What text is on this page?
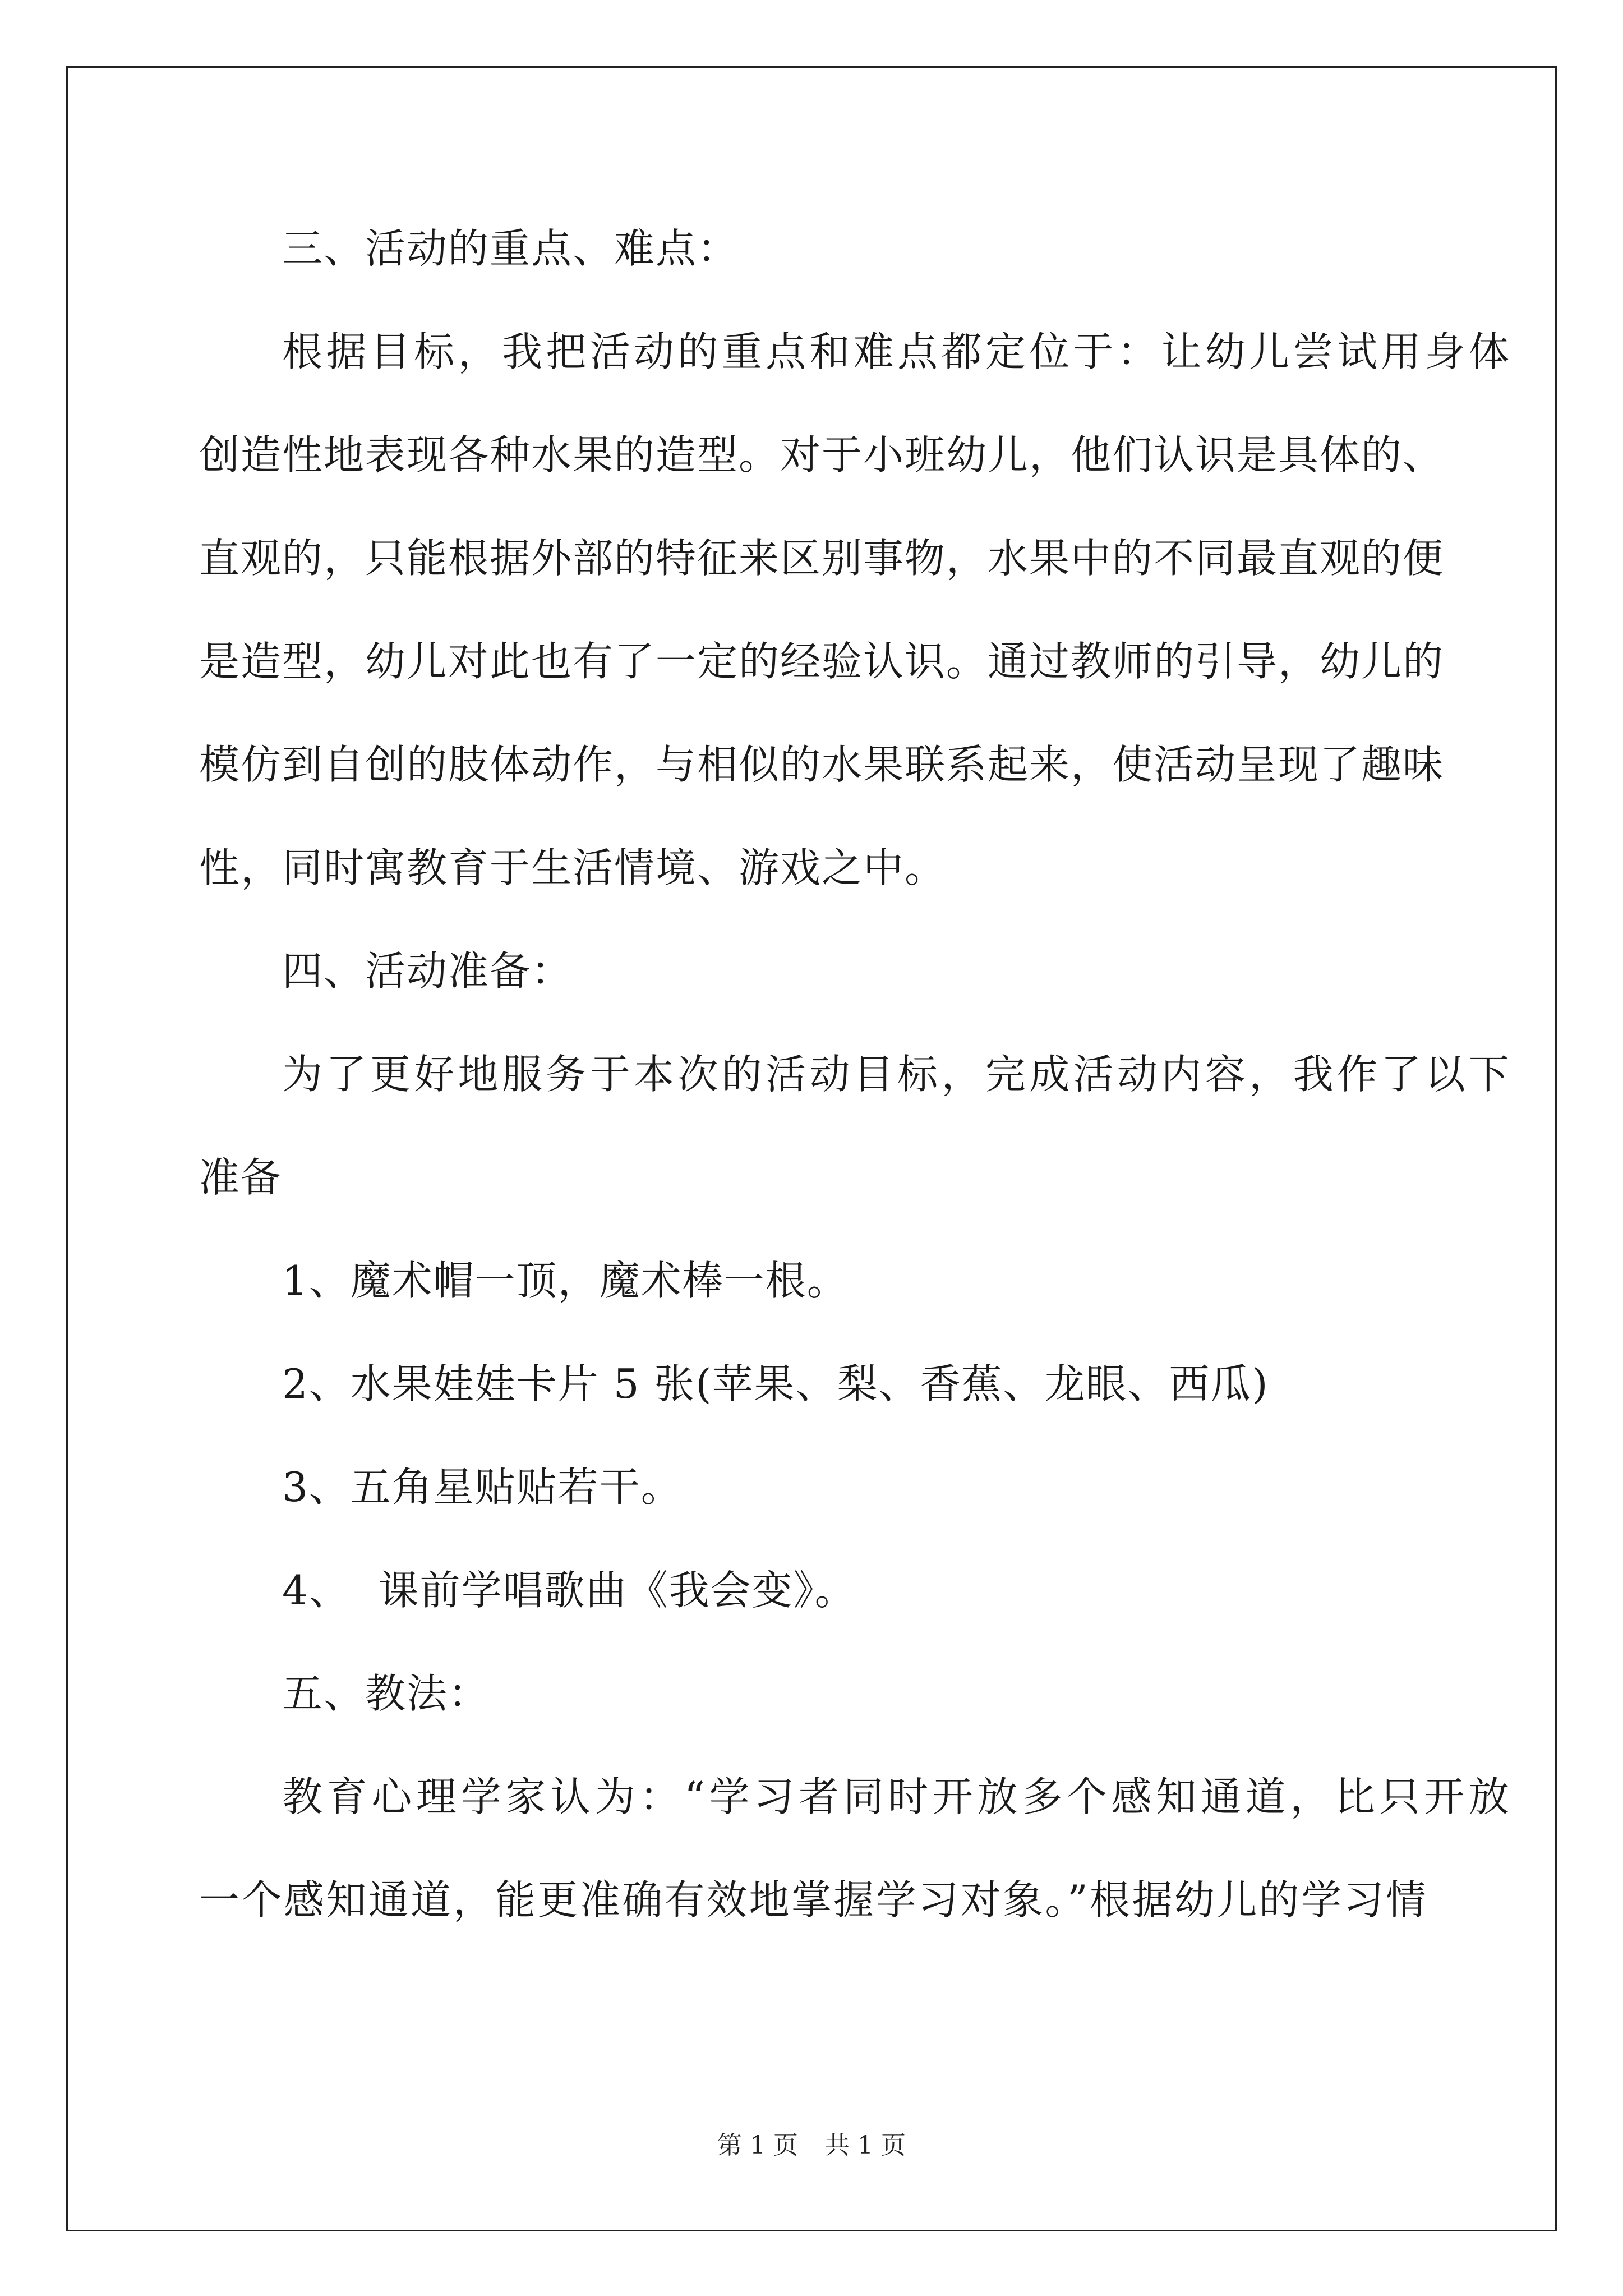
三、活动的重点、难点：
根据目标，我把活动的重点和难点都定位于：让幼儿尝试用身体
创造性地表现各种水果的造型。对于小班幼儿，他们认识是具体的、
直观的，只能根据外部的特征来区别事物，水果中的不同最直观的便
是造型，幼儿对此也有了一定的经验认识。通过教师的引导，幼儿的
模仿到自创的肢体动作，与相似的水果联系起来，使活动呈现了趣味
性，同时寓教育于生活情境、游戏之中。
四、活动准备：
为了更好地服务于本次的活动目标，完成活动内容，我作了以下
准备
1、魔术帽一顶，魔术棒一根。
2、水果娃娃卡片 5 张(苹果、梨、香蕉、龙眼、西瓜)
3、五角星贴贴若干。
4、  课前学唱歌曲《我会变》。
五、教法：
教育心理学家认为：“学习者同时开放多个感知通道，比只开放
一个感知通道，能更准确有效地掌握学习对象。”根据幼儿的学习情
第 1 页 共 1 页
